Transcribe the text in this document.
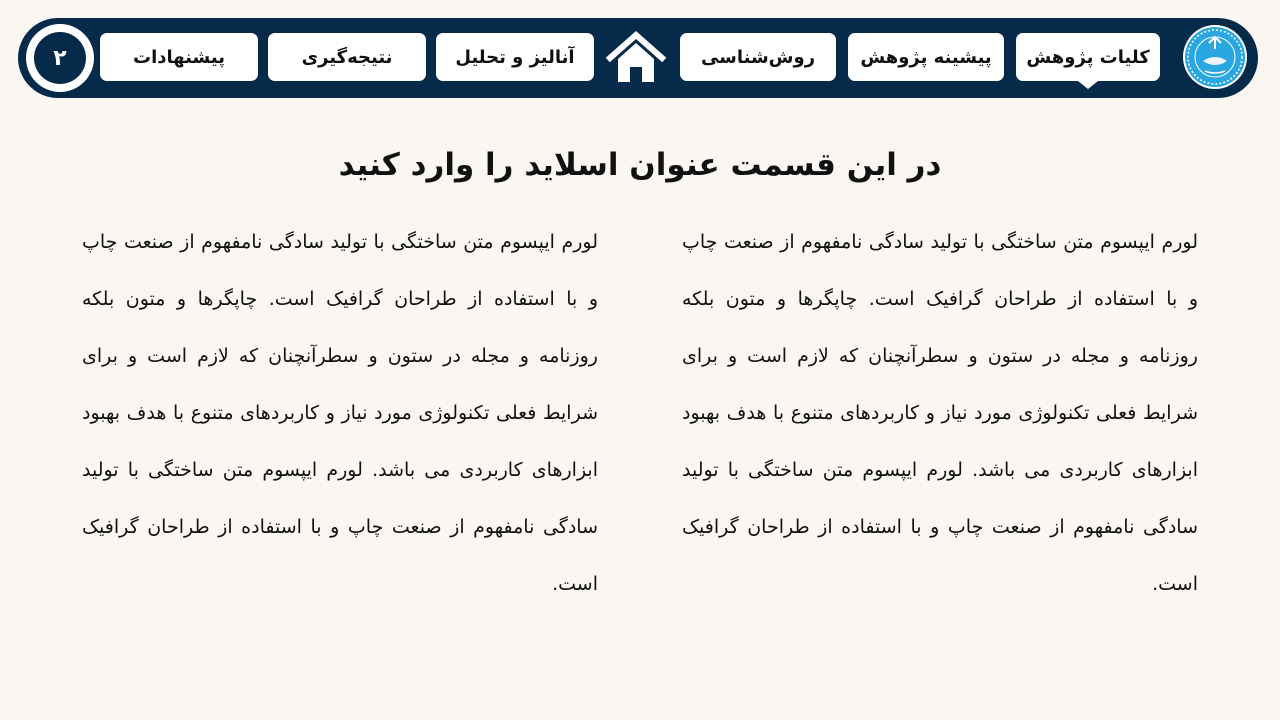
کلیات پژوهش
پیشینه پژوهش
روش‌شناسی
آنالیز و تحلیل
نتیجه‌گیری
پیشنهادات
۲
در این قسمت عنوان اسلاید را وارد کنید

لورم ایپسوم متن ساختگی با تولید سادگی نامفهوم از صنعت چاپ و با استفاده از طراحان گرافیک است. چاپگرها و متون بلکه روزنامه و مجله در ستون و سطرآنچنان که لازم است و برای شرایط فعلی تکنولوژی مورد نیاز و کاربردهای متنوع با هدف بهبود ابزارهای کاربردی می باشد. لورم ایپسوم متن ساختگی با تولید سادگی نامفهوم از صنعت چاپ و با استفاده از طراحان گرافیک است.

لورم ایپسوم متن ساختگی با تولید سادگی نامفهوم از صنعت چاپ و با استفاده از طراحان گرافیک است. چاپگرها و متون بلکه روزنامه و مجله در ستون و سطرآنچنان که لازم است و برای شرایط فعلی تکنولوژی مورد نیاز و کاربردهای متنوع با هدف بهبود ابزارهای کاربردی می باشد. لورم ایپسوم متن ساختگی با تولید سادگی نامفهوم از صنعت چاپ و با استفاده از طراحان گرافیک است.
